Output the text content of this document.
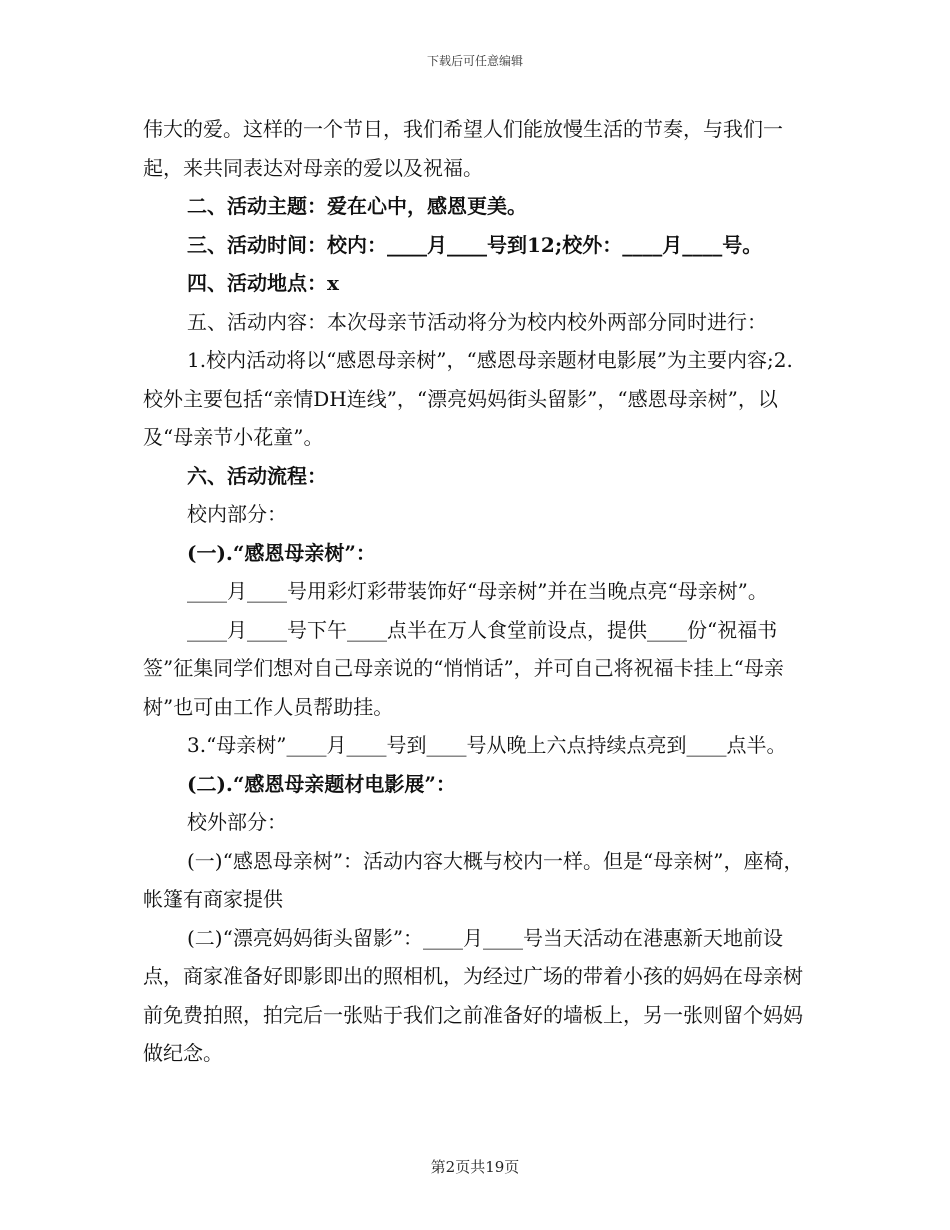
下载后可任意编辑

伟大的爱。这样的一个节日，我们希望人们能放慢生活的节奏，与我们一起，来共同表达对母亲的爱以及祝福。

二、活动主题：爱在心中，感恩更美。

三、活动时间：校内：____月____号到12;校外：____月____号。

四、活动地点：x

五、活动内容：本次母亲节活动将分为校内校外两部分同时进行：

1.校内活动将以“感恩母亲树”，“感恩母亲题材电影展”为主要内容;2.校外主要包括“亲情DH连线”，“漂亮妈妈街头留影”，“感恩母亲树”，以及“母亲节小花童”。

六、活动流程：

校内部分：

(一).“感恩母亲树”：

____月____号用彩灯彩带装饰好“母亲树”并在当晚点亮“母亲树”。

____月____号下午____点半在万人食堂前设点，提供____份“祝福书签”征集同学们想对自己母亲说的“悄悄话”，并可自己将祝福卡挂上“母亲树”也可由工作人员帮助挂。

3.“母亲树”____月____号到____号从晚上六点持续点亮到____点半。

(二).“感恩母亲题材电影展”：

校外部分：

(一)“感恩母亲树”：活动内容大概与校内一样。但是“母亲树”，座椅，帐篷有商家提供

(二)“漂亮妈妈街头留影”：____月____号当天活动在港惠新天地前设点，商家准备好即影即出的照相机，为经过广场的带着小孩的妈妈在母亲树前免费拍照，拍完后一张贴于我们之前准备好的墙板上，另一张则留个妈妈做纪念。

第2页共19页
